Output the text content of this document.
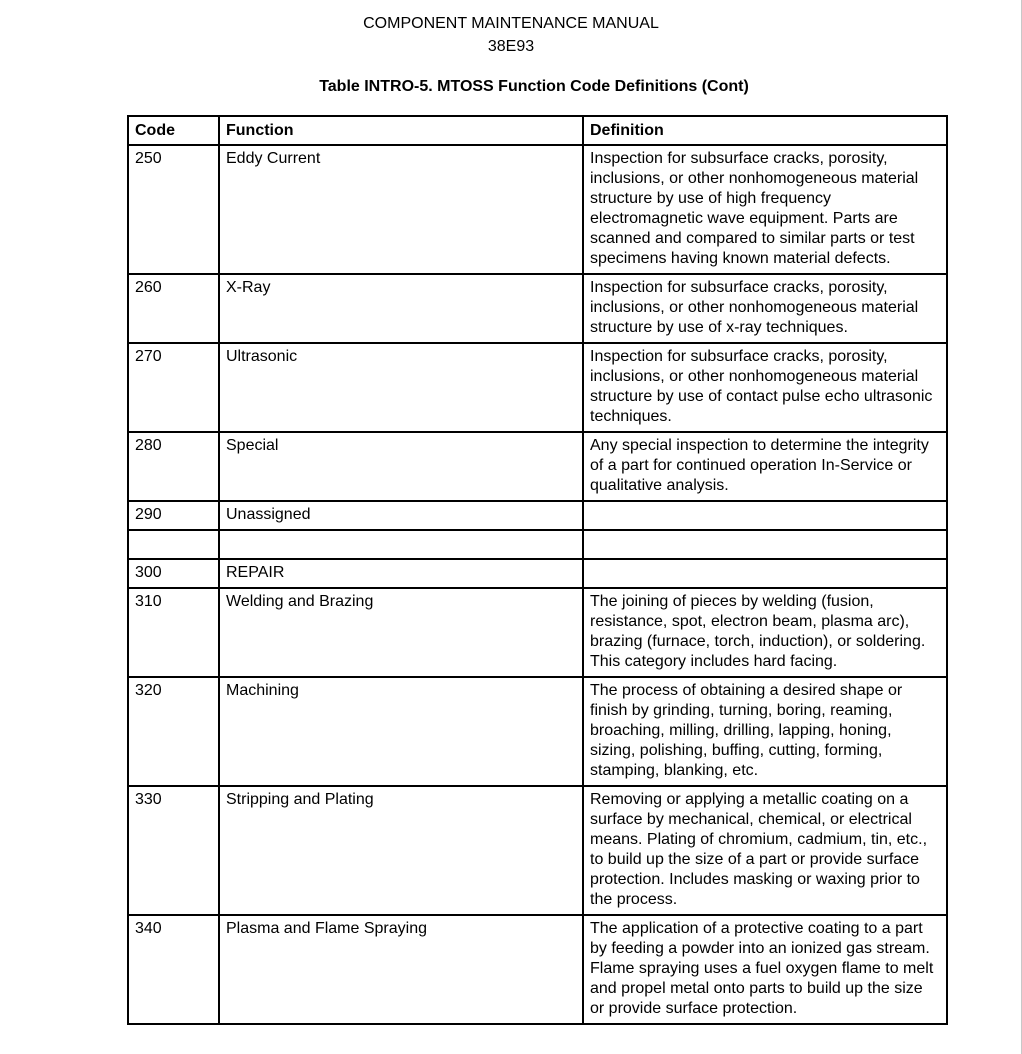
COMPONENT MAINTENANCE MANUAL
38E93
Table INTRO-5. MTOSS Function Code Definitions (Cont)
Code	Function	Definition
250	Eddy Current	Inspection for subsurface cracks, porosity, inclusions, or other nonhomogeneous material structure by use of high frequency electromagnetic wave equipment. Parts are scanned and compared to similar parts or test specimens having known material defects.
260	X-Ray	Inspection for subsurface cracks, porosity, inclusions, or other nonhomogeneous material structure by use of x-ray techniques.
270	Ultrasonic	Inspection for subsurface cracks, porosity, inclusions, or other nonhomogeneous material structure by use of contact pulse echo ultrasonic techniques.
280	Special	Any special inspection to determine the integrity of a part for continued operation In-Service or qualitative analysis.
290	Unassigned	

300	REPAIR	
310	Welding and Brazing	The joining of pieces by welding (fusion, resistance, spot, electron beam, plasma arc), brazing (furnace, torch, induction), or soldering. This category includes hard facing.
320	Machining	The process of obtaining a desired shape or finish by grinding, turning, boring, reaming, broaching, milling, drilling, lapping, honing, sizing, polishing, buffing, cutting, forming, stamping, blanking, etc.
330	Stripping and Plating	Removing or applying a metallic coating on a surface by mechanical, chemical, or electrical means. Plating of chromium, cadmium, tin, etc., to build up the size of a part or provide surface protection. Includes masking or waxing prior to the process.
340	Plasma and Flame Spraying	The application of a protective coating to a part by feeding a powder into an ionized gas stream. Flame spraying uses a fuel oxygen flame to melt and propel metal onto parts to build up the size or provide surface protection.
